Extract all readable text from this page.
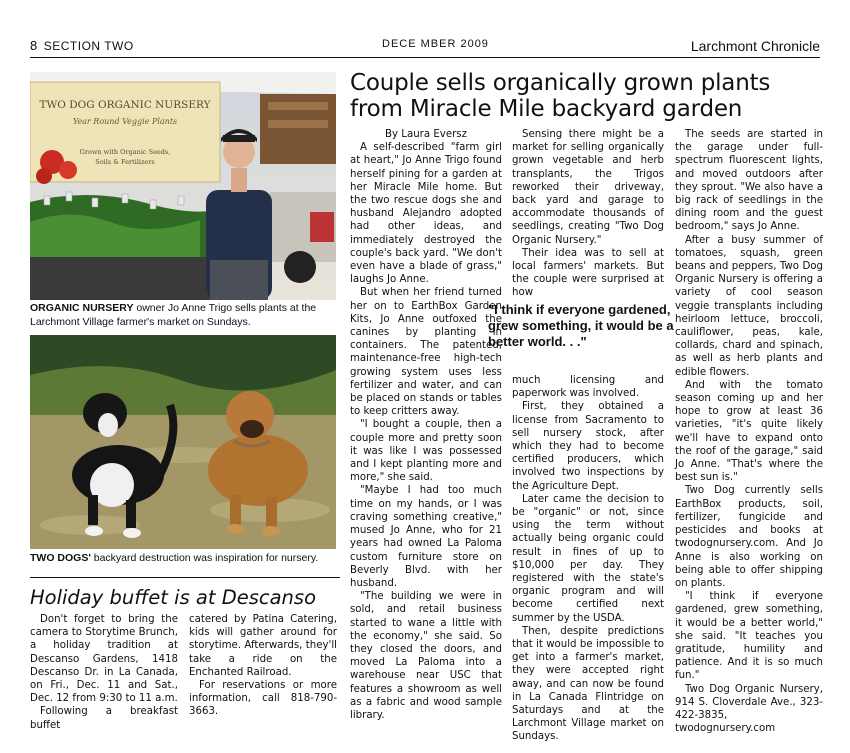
8 SECTION TWO	DECE MBER 2009	Larchmont Chronicle
TWO DOG ORGANIC NURSERY
Year Round Veggie Plants
Grown with Organic Seeds,
Soils & Fertilizers
ORGANIC NURSERY owner Jo Anne Trigo sells plants at the Larchmont Village farmer's market on Sundays.
TWO DOGS' backyard destruction was inspiration for nursery.
Couple sells organically grown plants from Miracle Mile backyard garden

By Laura Eversz

A self-described "farm girl at heart," Jo Anne Trigo found herself pining for a garden at her Miracle Mile home. But the two rescue dogs she and husband Alejandro adopted had other ideas, and immediately destroyed the couple's back yard. "We don't even have a blade of grass," laughs Jo Anne.

But when her friend turned her on to EarthBox Garden Kits, Jo Anne outfoxed the canines by planting in containers. The patented, maintenance-free high-tech growing system uses less fertilizer and water, and can be placed on stands or tables to keep critters away.

"I bought a couple, then a couple more and pretty soon it was like I was possessed and I kept planting more and more," she said.

"Maybe I had too much time on my hands, or I was craving something creative," mused Jo Anne, who for 21 years had owned La Paloma custom furniture store on Beverly Blvd. with her husband.

"The building we were in sold, and retail business started to wane a little with the economy," she said. So they closed the doors, and moved La Paloma into a warehouse near USC that features a showroom as well as a fabric and wood sample library.

Sensing there might be a market for selling organically grown vegetable and herb transplants, the Trigos reworked their driveway, back yard and garage to accommodate thousands of seedlings, creating "Two Dog Organic Nursery."

Their idea was to sell at local farmers' markets. But the couple were surprised at how

"I think if everyone gardened, grew something, it would be a better world. . ."

much licensing and paperwork was involved.

First, they obtained a license from Sacramento to sell nursery stock, after which they had to become certified producers, which involved two inspections by the Agriculture Dept.

Later came the decision to be "organic" or not, since using the term without actually being organic could result in fines of up to $10,000 per day. They registered with the state's organic program and will become certified next summer by the USDA.

Then, despite predictions that it would be impossible to get into a farmer's market, they were accepted right away, and can now be found in La Canada Flintridge on Saturdays and at the Larchmont Village market on Sundays.

The seeds are started in the garage under full-spectrum fluorescent lights, and moved outdoors after they sprout. "We also have a big rack of seedlings in the dining room and the guest bedroom," says Jo Anne.

After a busy summer of tomatoes, squash, green beans and peppers, Two Dog Organic Nursery is offering a variety of cool season veggie transplants including heirloom lettuce, broccoli, cauliflower, peas, kale, collards, chard and spinach, as well as herb plants and edible flowers.

And with the tomato season coming up and her hope to grow at least 36 varieties, "it's quite likely we'll have to expand onto the roof of the garage," said Jo Anne. "That's where the best sun is."

Two Dog currently sells EarthBox products, soil, fertilizer, fungicide and pesticides and books at twodognursery.com. And Jo Anne is also working on being able to offer shipping on plants.

"I think if everyone gardened, grew something, it would be a better world," she said. "It teaches you gratitude, humility and patience. And it is so much fun."

Two Dog Organic Nursery, 914 S. Cloverdale Ave., 323-422-3835, twodognursery.com

Holiday buffet is at Descanso

Don't forget to bring the camera to Storytime Brunch, a holiday tradition at Descanso Gardens, 1418 Descanso Dr. in La Canada, on Fri., Dec. 11 and Sat., Dec. 12 from 9:30 to 11 a.m.

Following a breakfast buffet

catered by Patina Catering, kids will gather around for storytime. Afterwards, they'll take a ride on the Enchanted Railroad.

For reservations or more information, call 818-790-3663.
